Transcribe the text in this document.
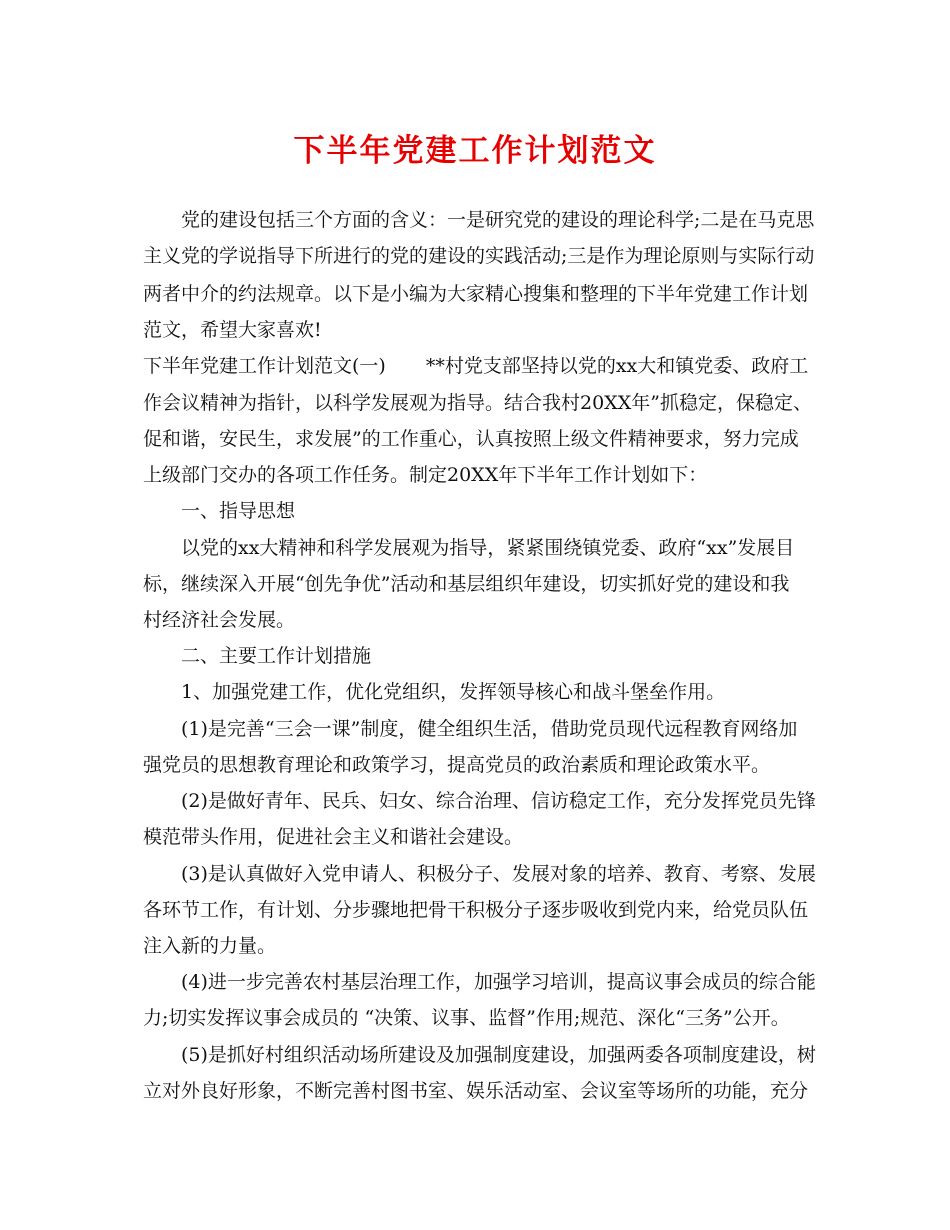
下半年党建工作计划范文

党的建设包括三个方面的含义：一是研究党的建设的理论科学;二是在马克思

主义党的学说指导下所进行的党的建设的实践活动;三是作为理论原则与实际行动

两者中介的约法规章。以下是小编为大家精心搜集和整理的下半年党建工作计划

范文，希望大家喜欢!

下半年党建工作计划范文(一) **村党支部坚持以党的xx大和镇党委、政府工

作会议精神为指针，以科学发展观为指导。结合我村20XX年”抓稳定，保稳定、

促和谐，安民生，求发展”的工作重心，认真按照上级文件精神要求，努力完成

上级部门交办的各项工作任务。制定20XX年下半年工作计划如下：

一、指导思想

以党的xx大精神和科学发展观为指导，紧紧围绕镇党委、政府“xx”发展目

标，继续深入开展“创先争优”活动和基层组织年建设，切实抓好党的建设和我

村经济社会发展。

二、主要工作计划措施

1、加强党建工作，优化党组织，发挥领导核心和战斗堡垒作用。

(1)是完善“三会一课”制度，健全组织生活，借助党员现代远程教育网络加

强党员的思想教育理论和政策学习，提高党员的政治素质和理论政策水平。

(2)是做好青年、民兵、妇女、综合治理、信访稳定工作，充分发挥党员先锋

模范带头作用，促进社会主义和谐社会建设。

(3)是认真做好入党申请人、积极分子、发展对象的培养、教育、考察、发展

各环节工作，有计划、分步骤地把骨干积极分子逐步吸收到党内来，给党员队伍

注入新的力量。

(4)进一步完善农村基层治理工作，加强学习培训，提高议事会成员的综合能

力;切实发挥议事会成员的 “决策、议事、监督”作用;规范、深化“三务”公开。

(5)是抓好村组织活动场所建设及加强制度建设，加强两委各项制度建设，树

立对外良好形象，不断完善村图书室、娱乐活动室、会议室等场所的功能，充分
